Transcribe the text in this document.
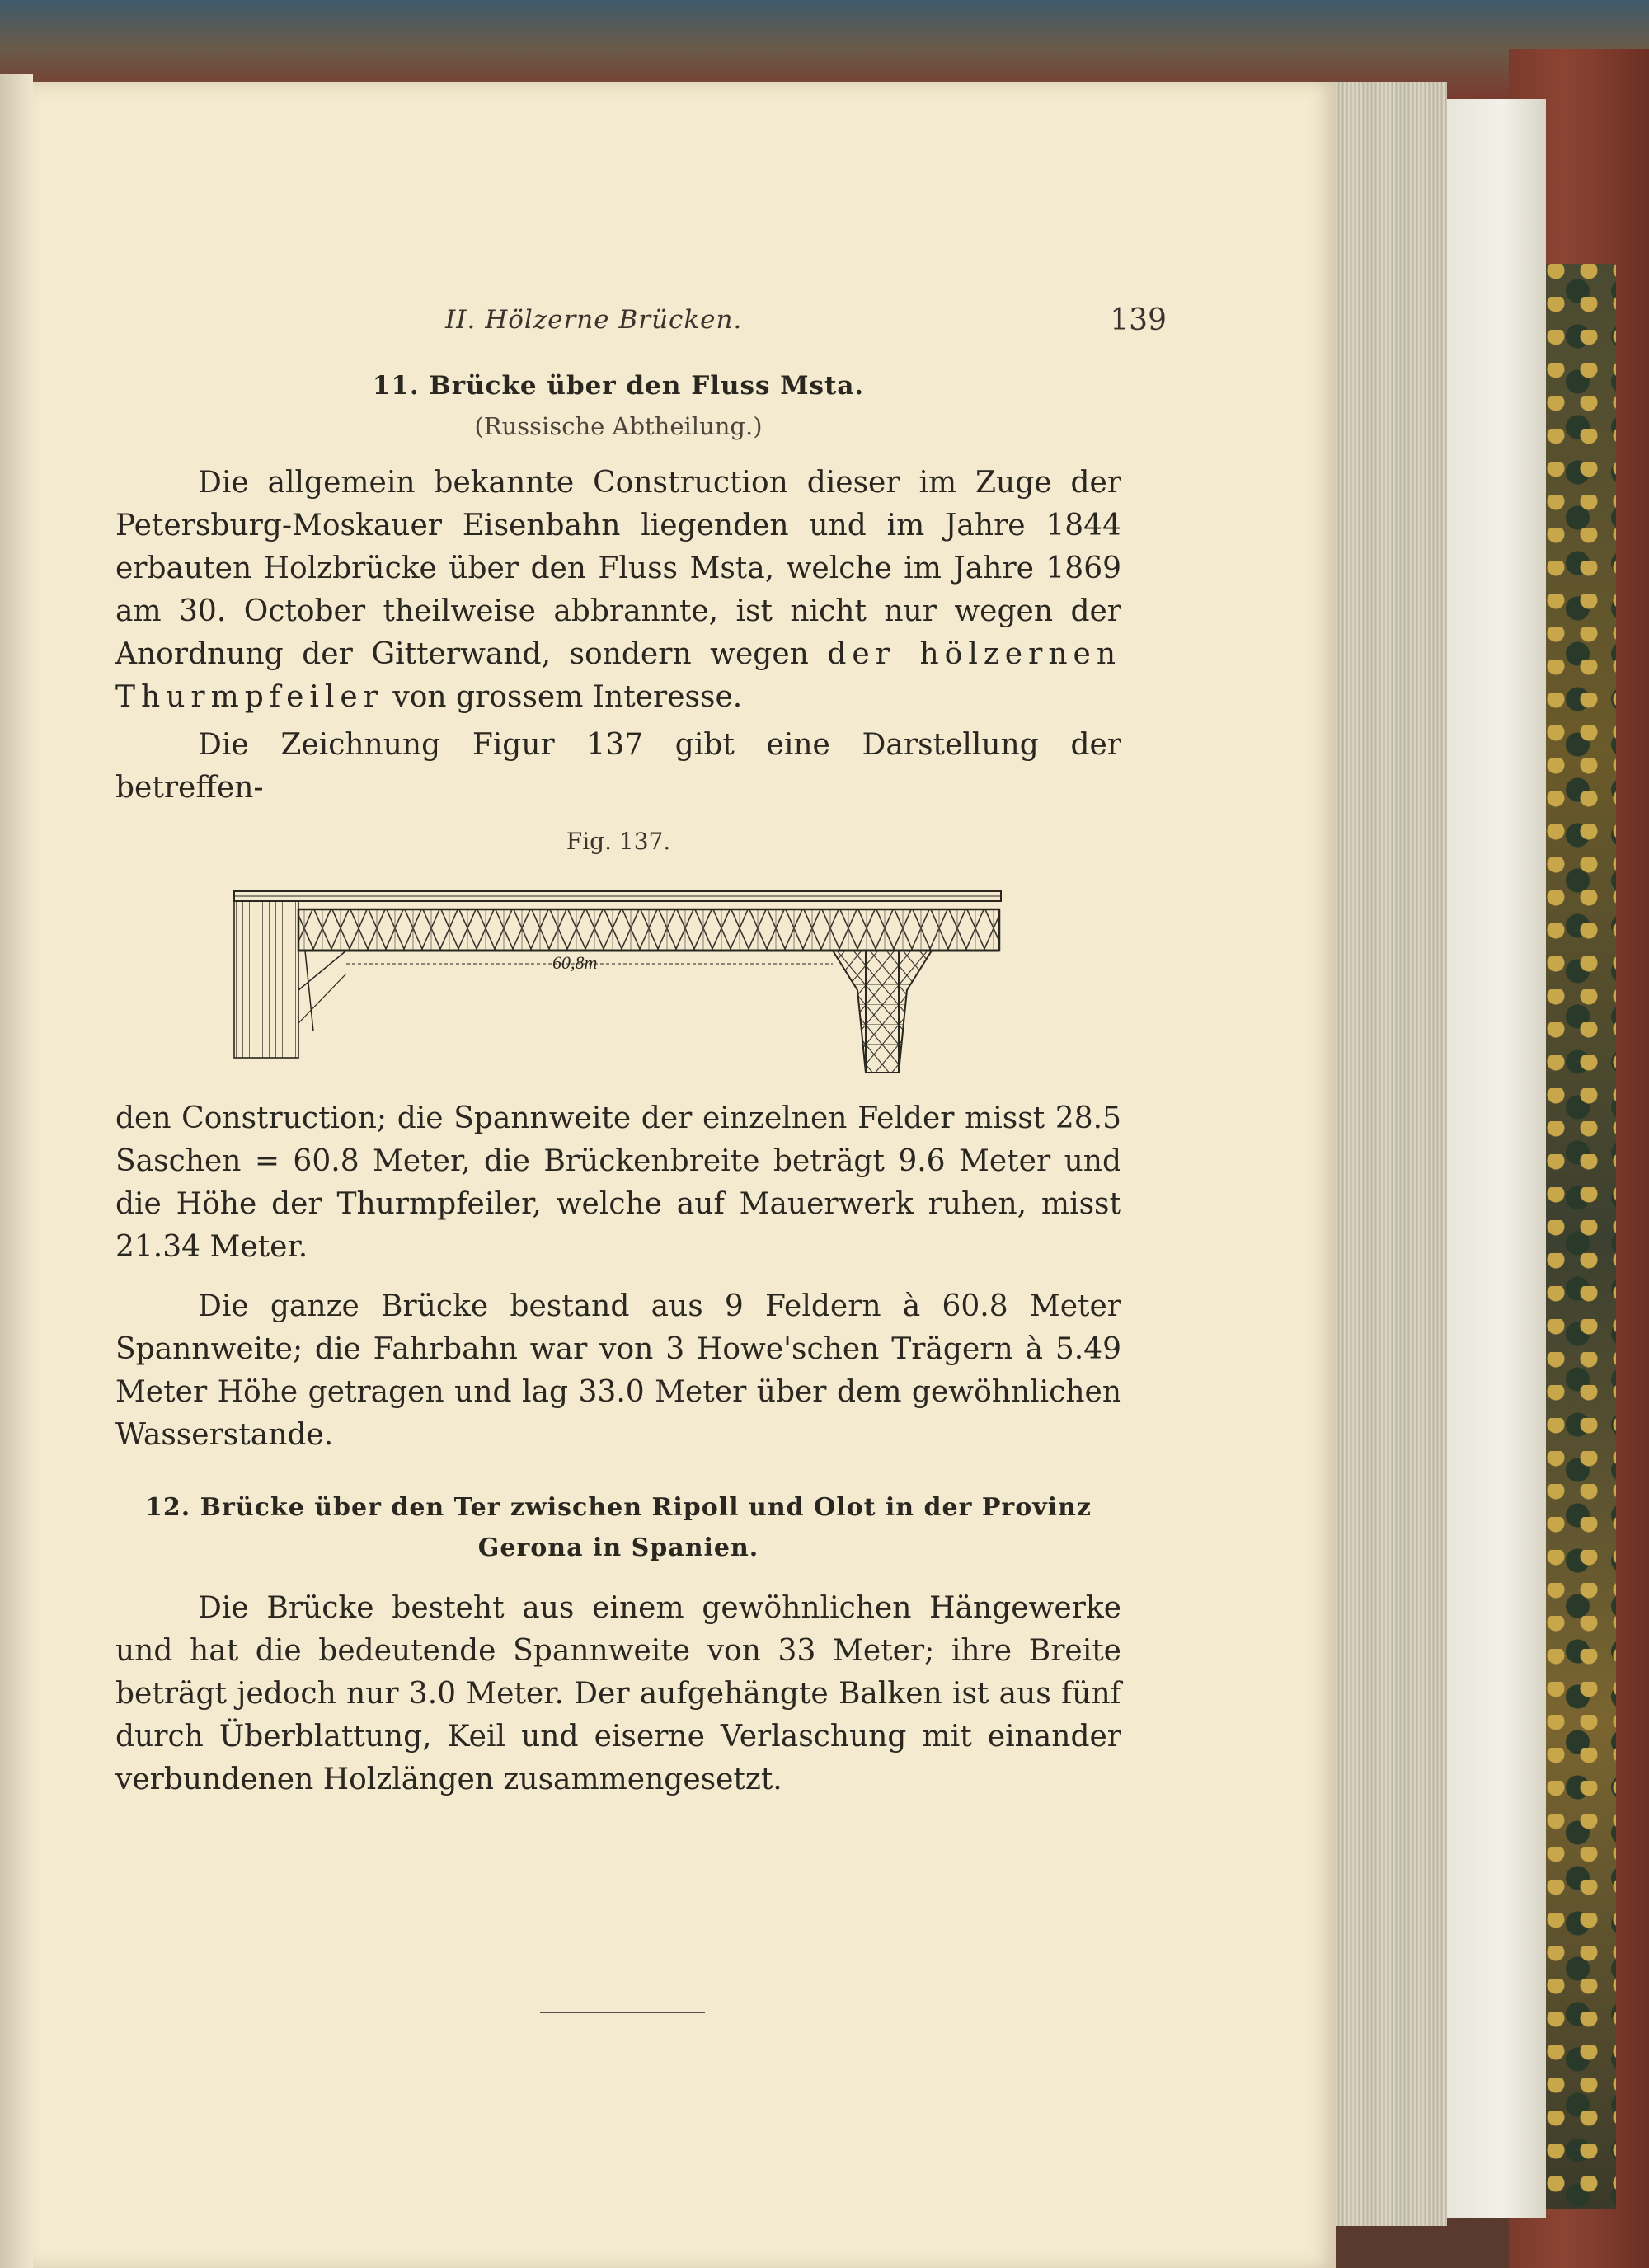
II. Hölzerne Brücken.	139
11. Brücke über den Fluss Msta.
(Russische Abtheilung.)

Die allgemein bekannte Construction dieser im Zuge der Petersburg-Moskauer Eisenbahn liegenden und im Jahre 1844 erbauten Holzbrücke über den Fluss Msta, welche im Jahre 1869 am 30. October theilweise abbrannte, ist nicht nur wegen der Anordnung der Gitterwand, sondern wegen der hölzernen Thurmpfeiler von grossem Interesse.

Die Zeichnung Figur 137 gibt eine Darstellung der betreffen-

Fig. 137.
60,8m

den Construction; die Spannweite der einzelnen Felder misst 28.5 Saschen = 60.8 Meter, die Brückenbreite beträgt 9.6 Meter und die Höhe der Thurmpfeiler, welche auf Mauerwerk ruhen, misst 21.34 Meter.

Die ganze Brücke bestand aus 9 Feldern à 60.8 Meter Spannweite; die Fahrbahn war von 3 Howe'schen Trägern à 5.49 Meter Höhe getragen und lag 33.0 Meter über dem gewöhnlichen Wasserstande.

12. Brücke über den Ter zwischen Ripoll und Olot in der Provinz
Gerona in Spanien.

Die Brücke besteht aus einem gewöhnlichen Hängewerke und hat die bedeutende Spannweite von 33 Meter; ihre Breite beträgt jedoch nur 3.0 Meter. Der aufgehängte Balken ist aus fünf durch Überblattung, Keil und eiserne Verlaschung mit einander verbundenen Holzlängen zusammengesetzt.
